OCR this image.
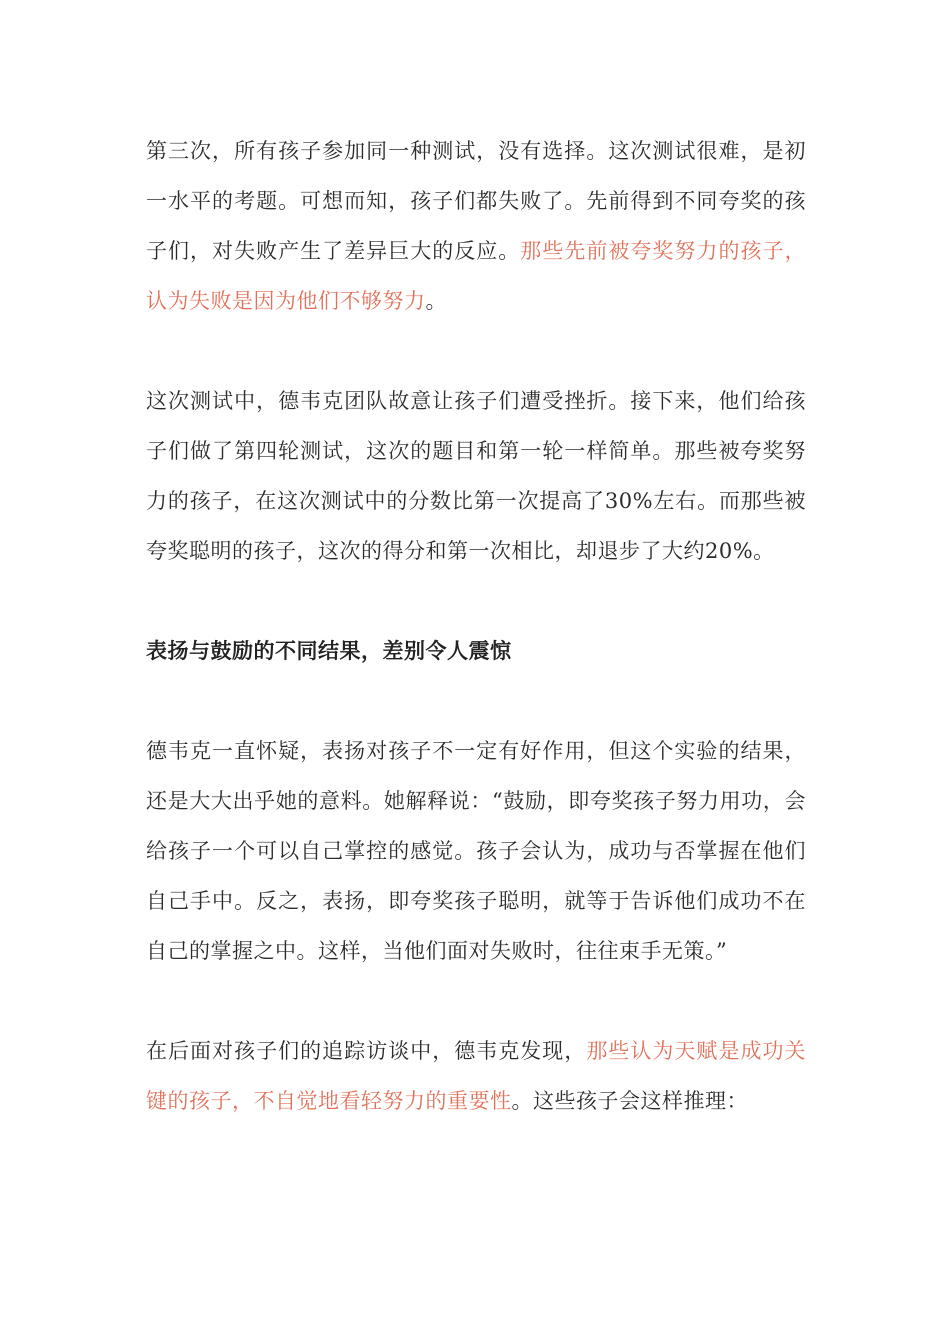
第三次，所有孩子参加同一种测试，没有选择。这次测试很难，是初一水平的考题。可想而知，孩子们都失败了。先前得到不同夸奖的孩子们，对失败产生了差异巨大的反应。那些先前被夸奖努力的孩子，认为失败是因为他们不够努力。

这次测试中，德韦克团队故意让孩子们遭受挫折。接下来，他们给孩子们做了第四轮测试，这次的题目和第一轮一样简单。那些被夸奖努力的孩子，在这次测试中的分数比第一次提高了30%左右。而那些被夸奖聪明的孩子，这次的得分和第一次相比，却退步了大约20%。

表扬与鼓励的不同结果，差别令人震惊

德韦克一直怀疑，表扬对孩子不一定有好作用，但这个实验的结果，还是大大出乎她的意料。她解释说：“鼓励，即夸奖孩子努力用功，会给孩子一个可以自己掌控的感觉。孩子会认为，成功与否掌握在他们自己手中。反之，表扬，即夸奖孩子聪明，就等于告诉他们成功不在自己的掌握之中。这样，当他们面对失败时，往往束手无策。”

在后面对孩子们的追踪访谈中，德韦克发现，那些认为天赋是成功关键的孩子，不自觉地看轻努力的重要性。这些孩子会这样推理：
